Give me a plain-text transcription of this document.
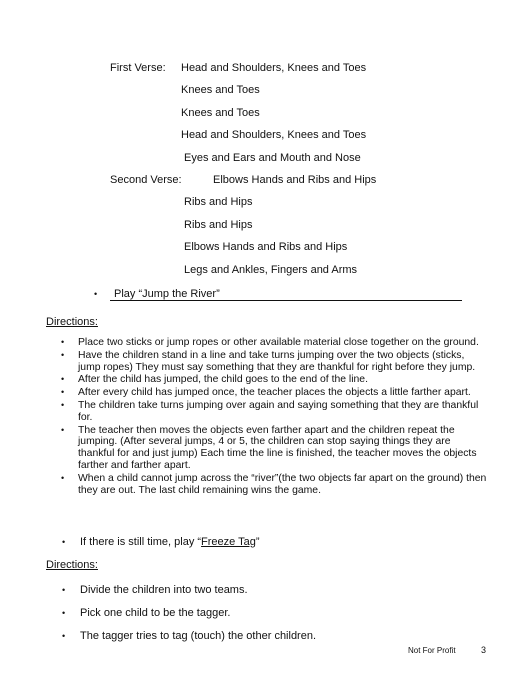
First Verse: Head and Shoulders, Knees and Toes
Knees and Toes
Knees and Toes
Head and Shoulders, Knees and Toes
Eyes and Ears and Mouth and Nose
Second Verse:	Elbows Hands and Ribs and Hips
Ribs and Hips
Ribs and Hips
Elbows Hands and Ribs and Hips
Legs and Ankles, Fingers and Arms
• Play “Jump the River”
Directions:
• Place two sticks or jump ropes or other available material close together on the ground.
• Have the children stand in a line and take turns jumping over the two objects (sticks, jump ropes) They must say something that they are thankful for right before they jump.
• After the child has jumped, the child goes to the end of the line.
• After every child has jumped once, the teacher places the objects a little farther apart.
• The children take turns jumping over again and saying something that they are thankful for.
• The teacher then moves the objects even farther apart and the children repeat the jumping. (After several jumps, 4 or 5, the children can stop saying things they are thankful for and just jump) Each time the line is finished, the teacher moves the objects farther and farther apart.
• When a child cannot jump across the “river”(the two objects far apart on the ground) then they are out. The last child remaining wins the game.
• If there is still time, play “Freeze Tag”
Directions:
• Divide the children into two teams.
• Pick one child to be the tagger.
• The tagger tries to tag (touch) the other children.
Not For Profit	3
